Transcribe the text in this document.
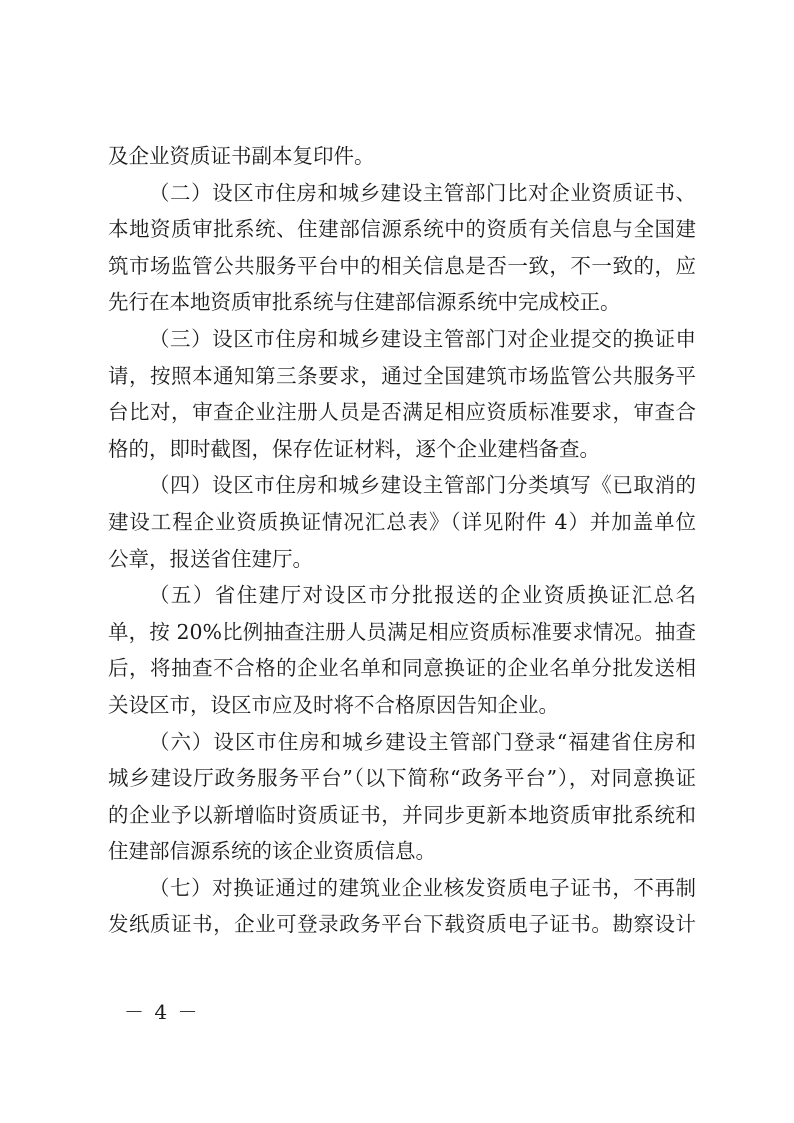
及企业资质证书副本复印件。

（二）设区市住房和城乡建设主管部门比对企业资质证书、
本地资质审批系统、住建部信源系统中的资质有关信息与全国建
筑市场监管公共服务平台中的相关信息是否一致，不一致的，应
先行在本地资质审批系统与住建部信源系统中完成校正。

（三）设区市住房和城乡建设主管部门对企业提交的换证申
请，按照本通知第三条要求，通过全国建筑市场监管公共服务平
台比对，审查企业注册人员是否满足相应资质标准要求，审查合
格的，即时截图，保存佐证材料，逐个企业建档备查。

（四）设区市住房和城乡建设主管部门分类填写《已取消的
建设工程企业资质换证情况汇总表》（详见附件 4）并加盖单位
公章，报送省住建厅。

（五）省住建厅对设区市分批报送的企业资质换证汇总名
单，按 20%比例抽查注册人员满足相应资质标准要求情况。抽查
后，将抽查不合格的企业名单和同意换证的企业名单分批发送相
关设区市，设区市应及时将不合格原因告知企业。

（六）设区市住房和城乡建设主管部门登录“福建省住房和
城乡建设厅政务服务平台”（以下简称“政务平台”），对同意换证
的企业予以新增临时资质证书，并同步更新本地资质审批系统和
住建部信源系统的该企业资质信息。

（七）对换证通过的建筑业企业核发资质电子证书，不再制
发纸质证书，企业可登录政务平台下载资质电子证书。勘察设计

－ 4 －
